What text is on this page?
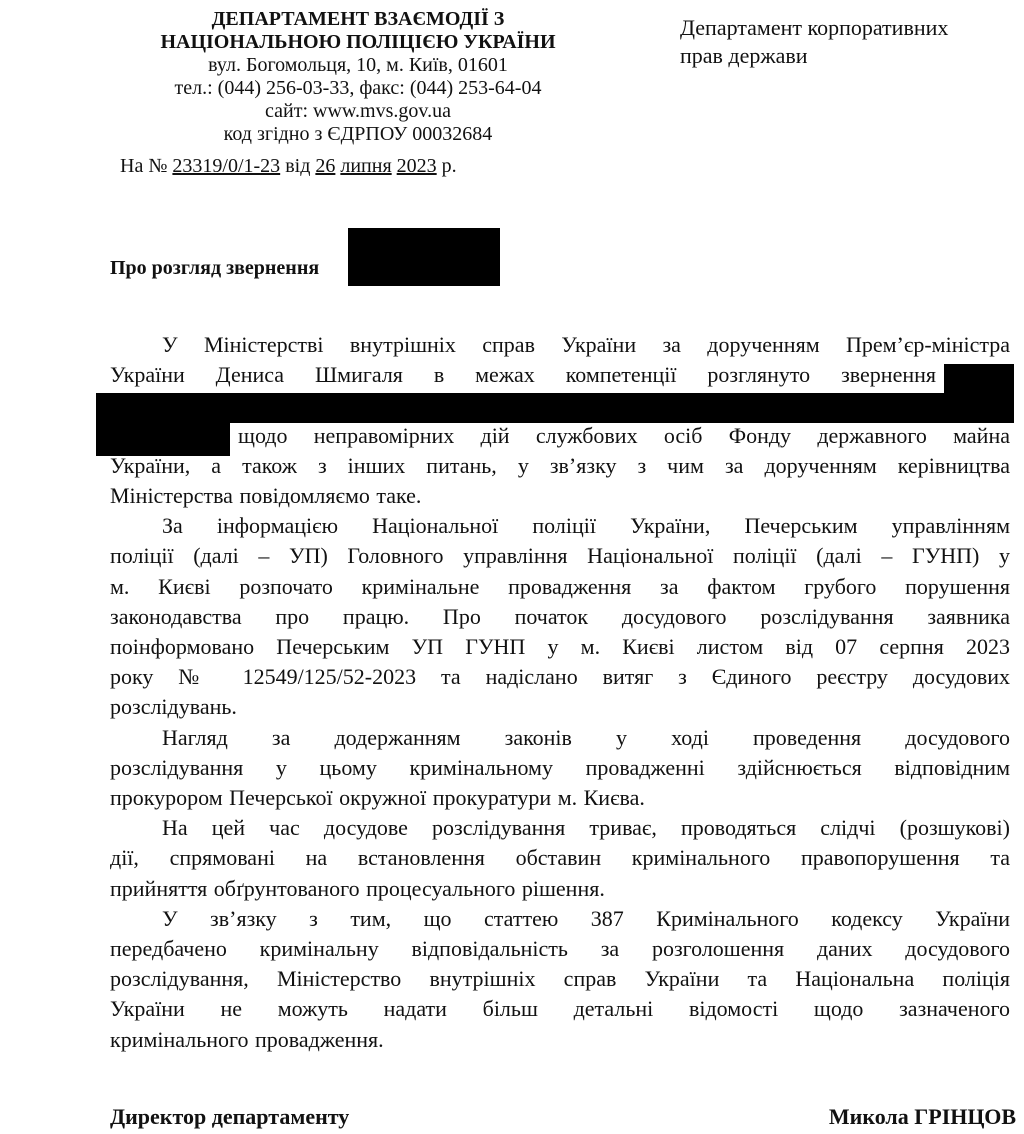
ДЕПАРТАМЕНТ ВЗАЄМОДІЇ З
НАЦІОНАЛЬНОЮ ПОЛІЦІЄЮ УКРАЇНИ
вул. Богомольця, 10, м. Київ, 01601
тел.: (044) 256-03-33, факс: (044) 253-64-04
сайт: www.mvs.gov.ua
код згідно з ЄДРПОУ 00032684
На № 23319/0/1-23 від 26 липня 2023 р.
Департамент корпоративних
прав держави
Про розгляд звернення
У Міністерстві внутрішніх справ України за дорученням Прем’єр-міністра
України Дениса Шмигаля в межах компетенції розглянуто звернення
щодо неправомірних дій службових осіб Фонду державного майна
України, а також з інших питань, у зв’язку з чим за дорученням керівництва
Міністерства повідомляємо таке.
За інформацією Національної поліції України, Печерським управлінням
поліції (далі – УП) Головного управління Національної поліції (далі – ГУНП) у
м. Києві розпочато кримінальне провадження за фактом грубого порушення
законодавства про працю. Про початок досудового розслідування заявника
поінформовано Печерським УП ГУНП у м. Києві листом від 07 серпня 2023
року № 12549/125/52-2023 та надіслано витяг з Єдиного реєстру досудових
розслідувань.
Нагляд за додержанням законів у ході проведення досудового
розслідування у цьому кримінальному провадженні здійснюється відповідним
прокурором Печерської окружної прокуратури м. Києва.
На цей час досудове розслідування триває, проводяться слідчі (розшукові)
дії, спрямовані на встановлення обставин кримінального правопорушення та
прийняття обґрунтованого процесуального рішення.
У зв’язку з тим, що статтею 387 Кримінального кодексу України
передбачено кримінальну відповідальність за розголошення даних досудового
розслідування, Міністерство внутрішніх справ України та Національна поліція
України не можуть надати більш детальні відомості щодо зазначеного
кримінального провадження.
Директор департаменту	Микола ГРІНЦОВ
